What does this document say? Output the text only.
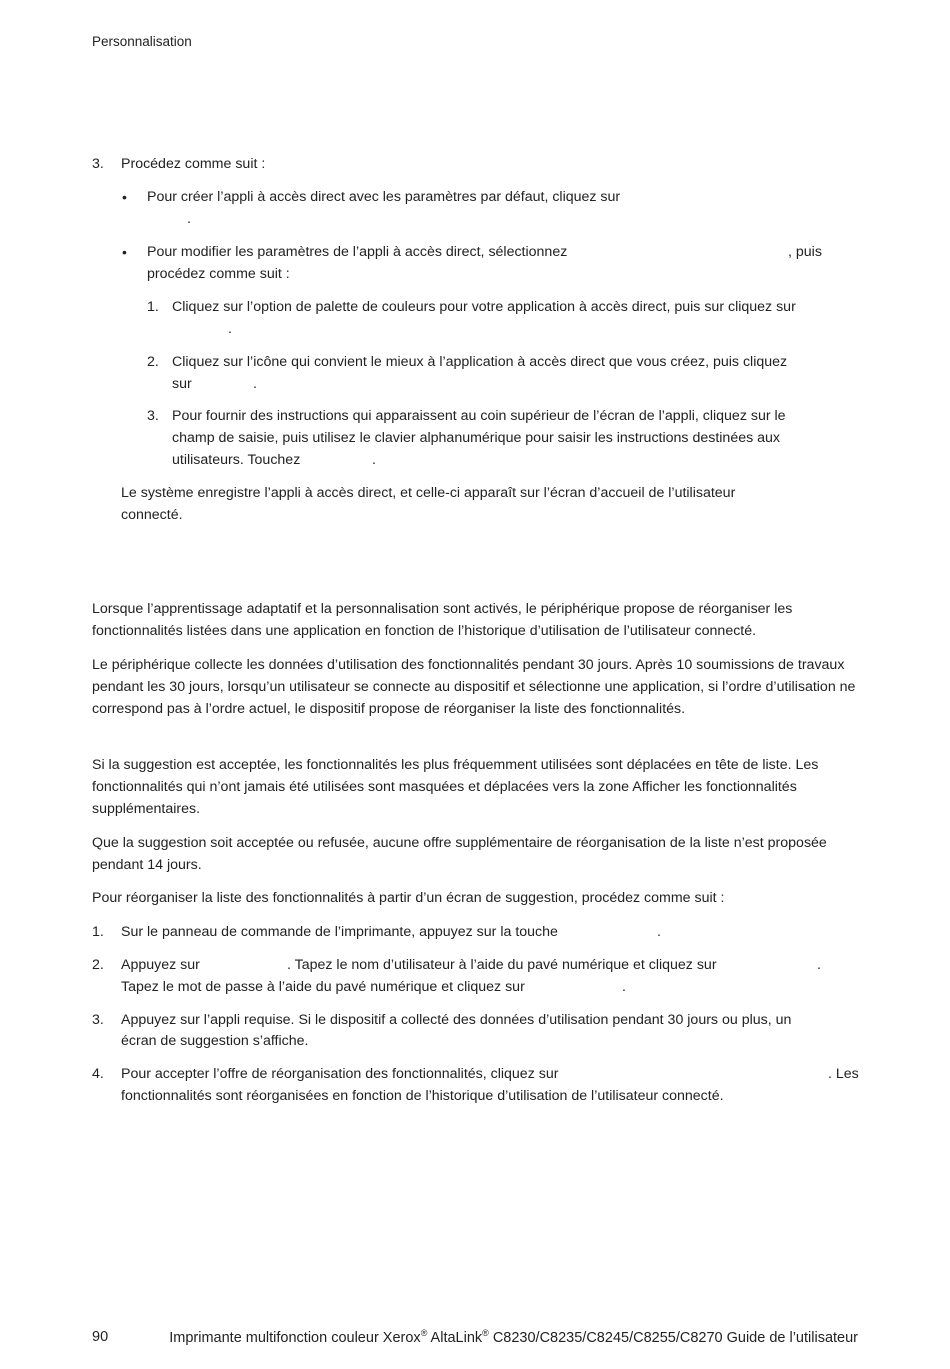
Personnalisation
3. Procédez comme suit :
• Pour créer l’appli à accès direct avec les paramètres par défaut, cliquez sur
.
• Pour modifier les paramètres de l’appli à accès direct, sélectionnez	, puis
procédez comme suit :
1. Cliquez sur l’option de palette de couleurs pour votre application à accès direct, puis sur cliquez sur
.
2. Cliquez sur l’icône qui convient le mieux à l’application à accès direct que vous créez, puis cliquez
sur	.
3. Pour fournir des instructions qui apparaissent au coin supérieur de l’écran de l’appli, cliquez sur le
champ de saisie, puis utilisez le clavier alphanumérique pour saisir les instructions destinées aux
utilisateurs. Touchez	.
Le système enregistre l’appli à accès direct, et celle-ci apparaît sur l’écran d’accueil de l’utilisateur
connecté.

Lorsque l’apprentissage adaptatif et la personnalisation sont activés, le périphérique propose de réorganiser les fonctionnalités listées dans une application en fonction de l’historique d’utilisation de l’utilisateur connecté.

Le périphérique collecte les données d’utilisation des fonctionnalités pendant 30 jours. Après 10 soumissions de travaux pendant les 30 jours, lorsqu’un utilisateur se connecte au dispositif et sélectionne une application, si l’ordre d’utilisation ne correspond pas à l’ordre actuel, le dispositif propose de réorganiser la liste des fonctionnalités.

Si la suggestion est acceptée, les fonctionnalités les plus fréquemment utilisées sont déplacées en tête de liste. Les fonctionnalités qui n’ont jamais été utilisées sont masquées et déplacées vers la zone Afficher les fonctionnalités supplémentaires.

Que la suggestion soit acceptée ou refusée, aucune offre supplémentaire de réorganisation de la liste n’est proposée pendant 14 jours.

Pour réorganiser la liste des fonctionnalités à partir d’un écran de suggestion, procédez comme suit :

1. Sur le panneau de commande de l’imprimante, appuyez sur la touche	.
2. Appuyez sur	. Tapez le nom d’utilisateur à l’aide du pavé numérique et cliquez sur	.
Tapez le mot de passe à l’aide du pavé numérique et cliquez sur	.
3. Appuyez sur l’appli requise. Si le dispositif a collecté des données d’utilisation pendant 30 jours ou plus, un
écran de suggestion s’affiche.
4. Pour accepter l’offre de réorganisation des fonctionnalités, cliquez sur	. Les
fonctionnalités sont réorganisées en fonction de l’historique d’utilisation de l’utilisateur connecté.
90	Imprimante multifonction couleur Xerox® AltaLink® C8230/C8235/C8245/C8255/C8270 Guide de l’utilisateur
